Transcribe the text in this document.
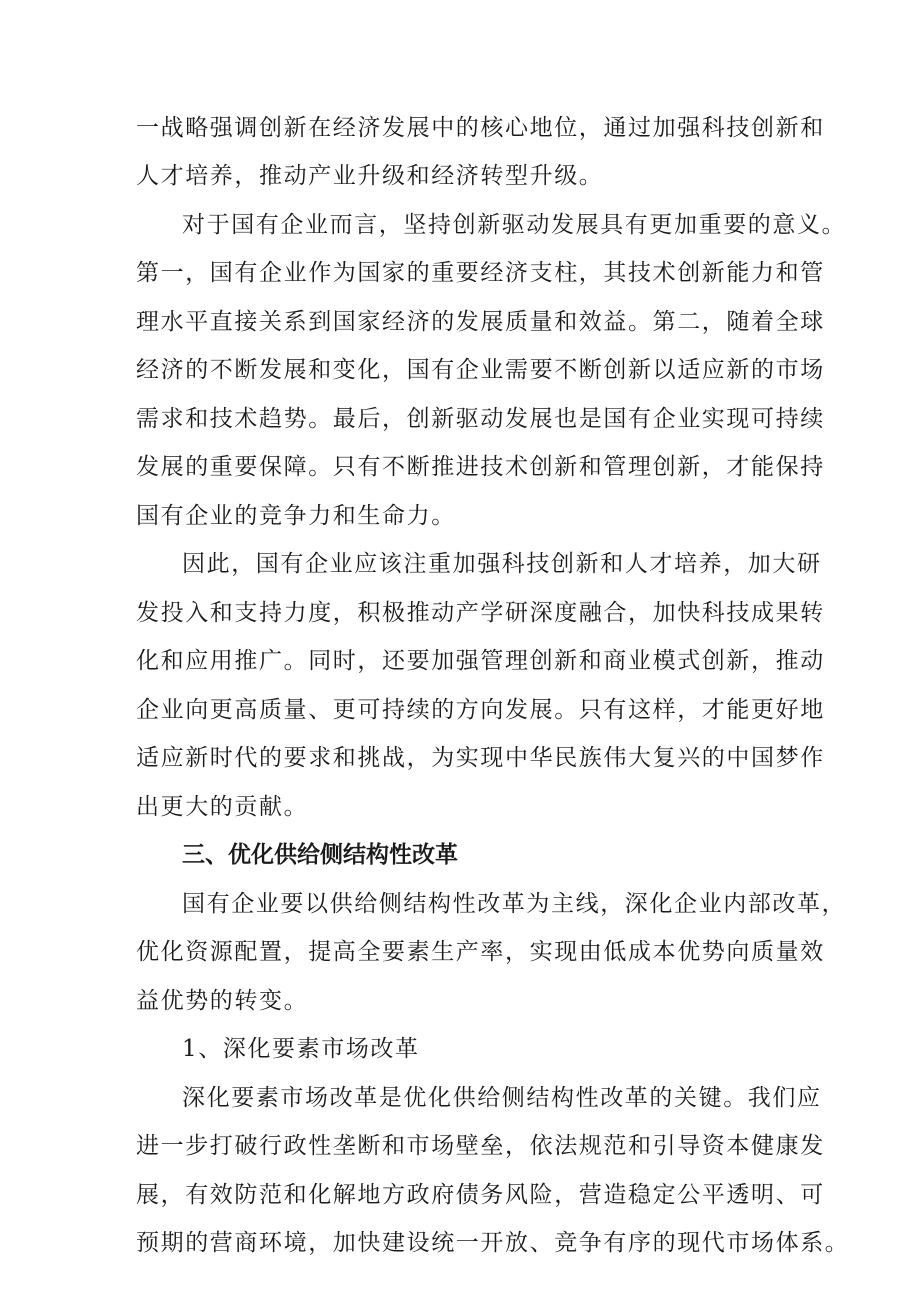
一战略强调创新在经济发展中的核心地位，通过加强科技创新和
人才培养，推动产业升级和经济转型升级。
对于国有企业而言，坚持创新驱动发展具有更加重要的意义。
第一，国有企业作为国家的重要经济支柱，其技术创新能力和管
理水平直接关系到国家经济的发展质量和效益。第二，随着全球
经济的不断发展和变化，国有企业需要不断创新以适应新的市场
需求和技术趋势。最后，创新驱动发展也是国有企业实现可持续
发展的重要保障。只有不断推进技术创新和管理创新，才能保持
国有企业的竞争力和生命力。
因此，国有企业应该注重加强科技创新和人才培养，加大研
发投入和支持力度，积极推动产学研深度融合，加快科技成果转
化和应用推广。同时，还要加强管理创新和商业模式创新，推动
企业向更高质量、更可持续的方向发展。只有这样，才能更好地
适应新时代的要求和挑战，为实现中华民族伟大复兴的中国梦作
出更大的贡献。
三、优化供给侧结构性改革
国有企业要以供给侧结构性改革为主线，深化企业内部改革，
优化资源配置，提高全要素生产率，实现由低成本优势向质量效
益优势的转变。
1、深化要素市场改革
深化要素市场改革是优化供给侧结构性改革的关键。我们应
进一步打破行政性垄断和市场壁垒，依法规范和引导资本健康发
展，有效防范和化解地方政府债务风险，营造稳定公平透明、可
预期的营商环境，加快建设统一开放、竞争有序的现代市场体系。
